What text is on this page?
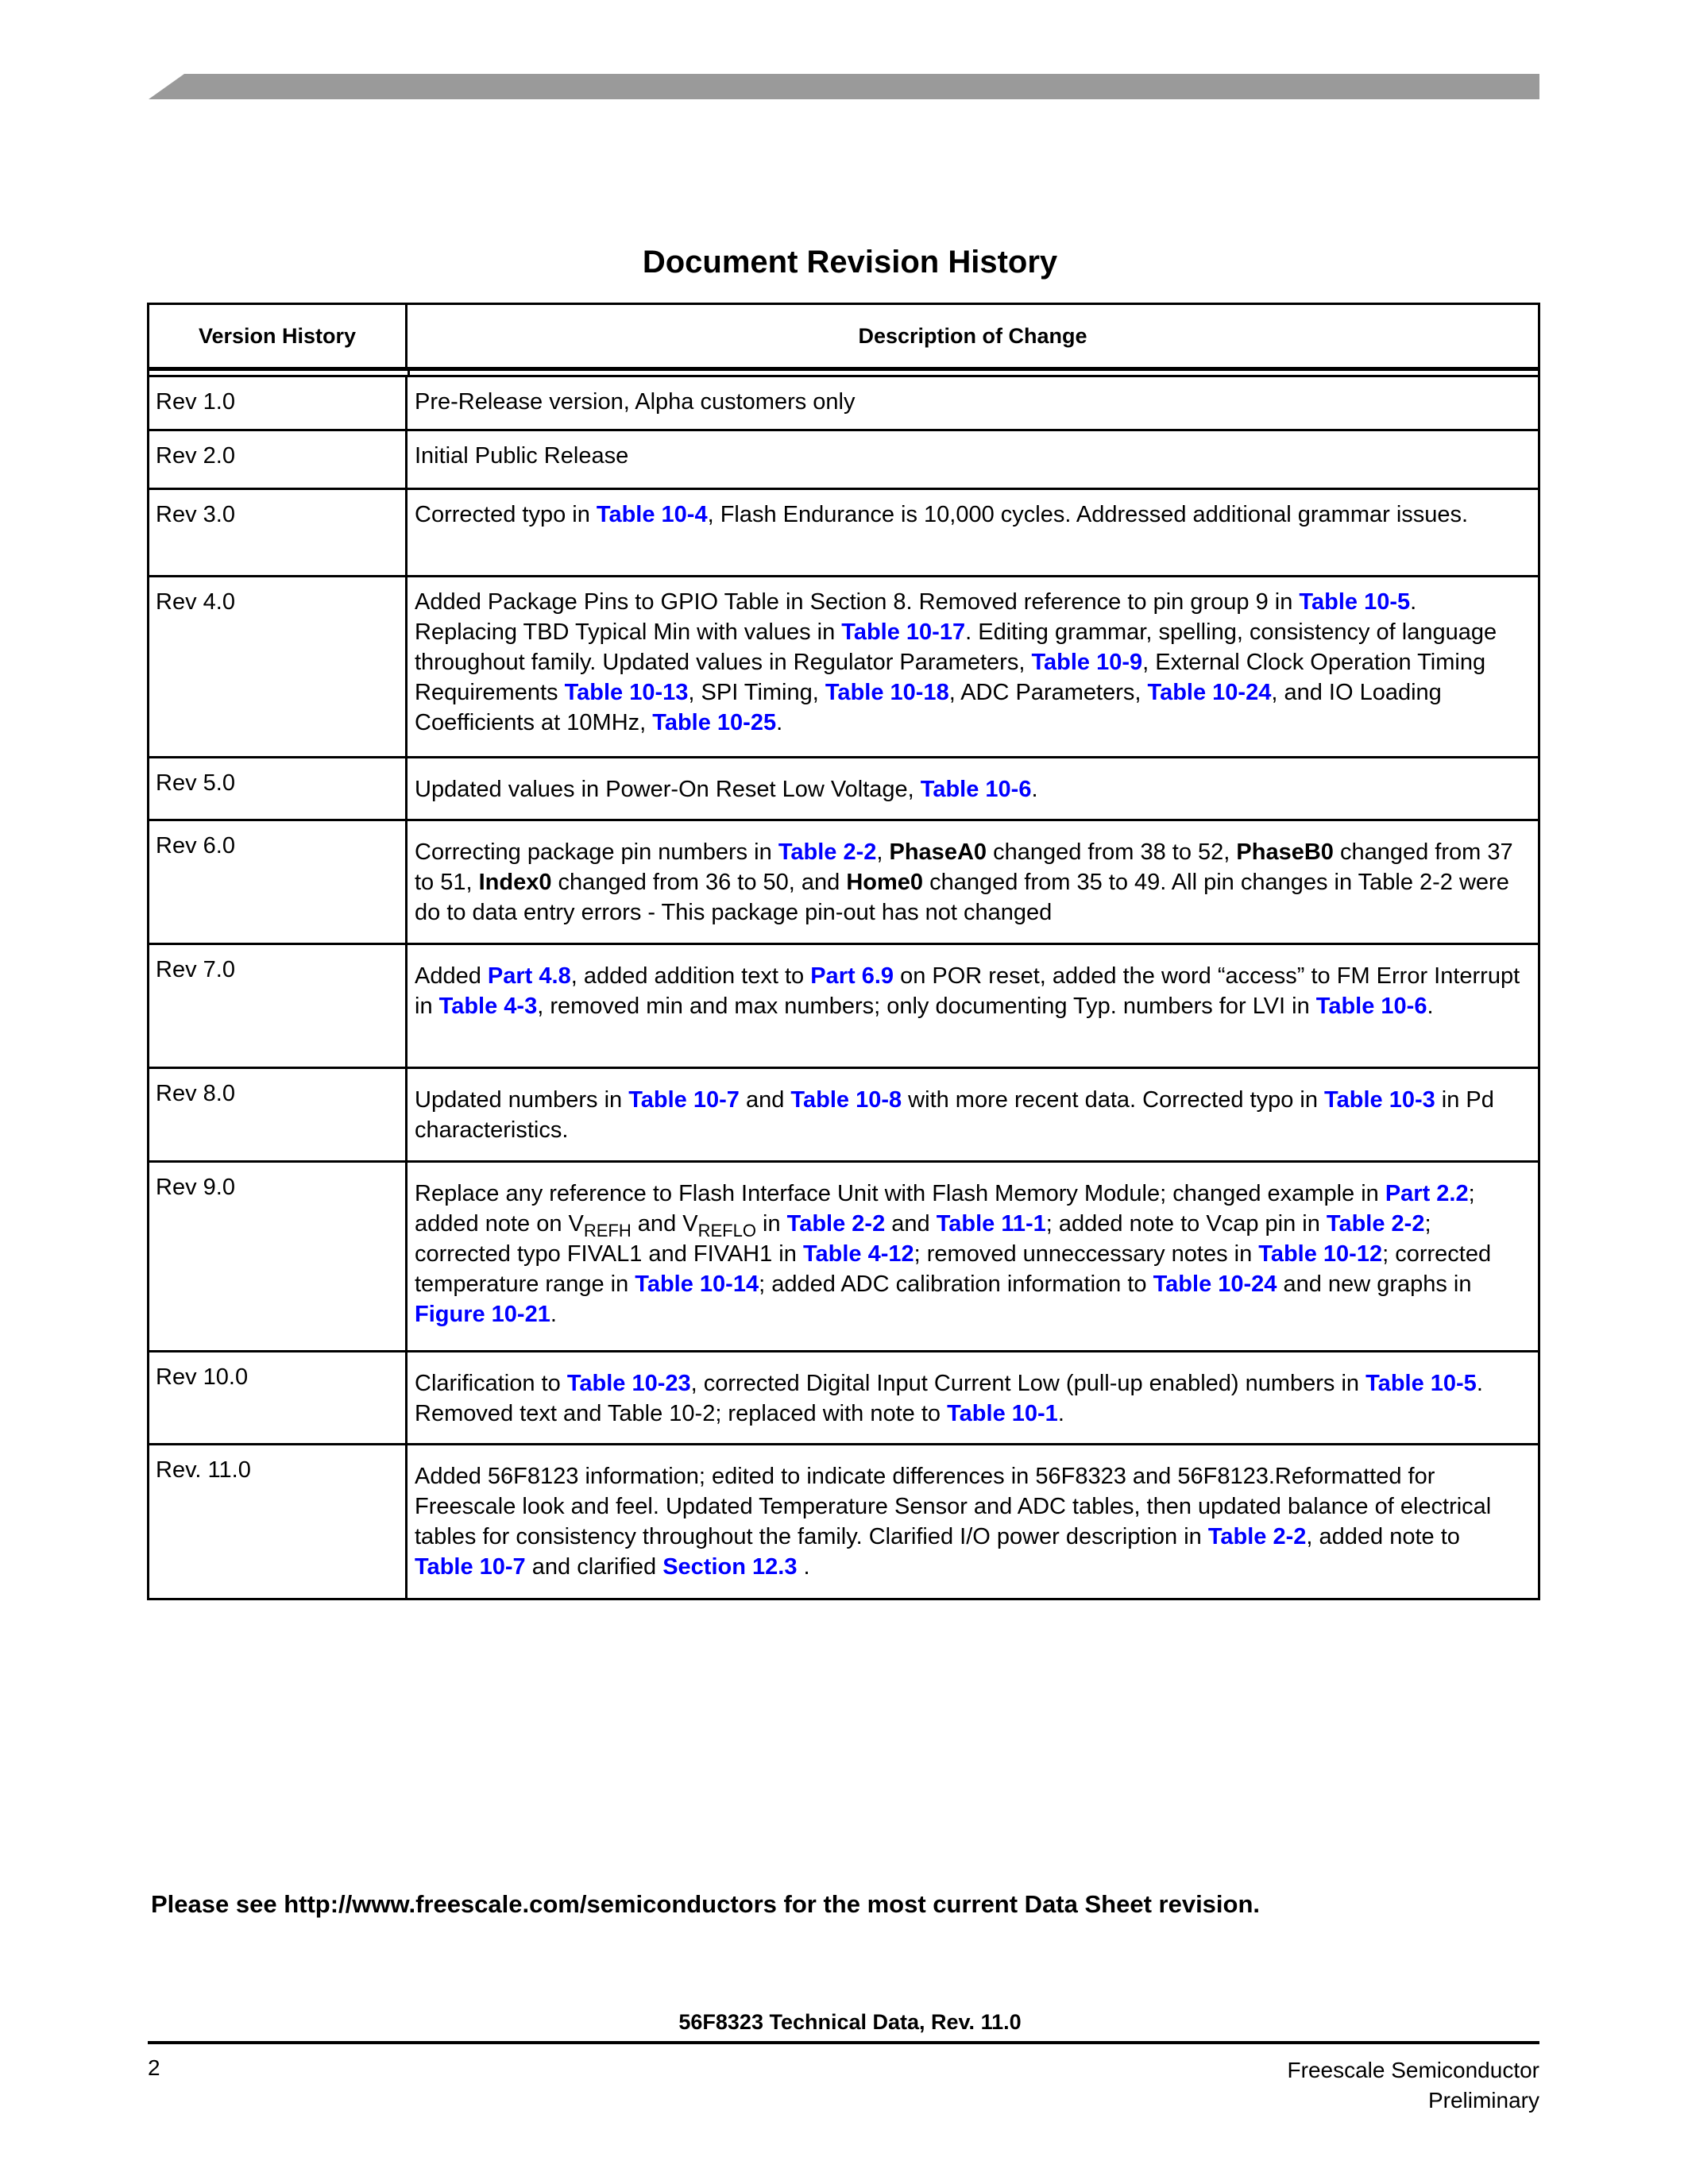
Document Revision History
Version History	Description of Change
Rev 1.0	Pre-Release version, Alpha customers only
Rev 2.0	Initial Public Release
Rev 3.0	Corrected typo in Table 10-4, Flash Endurance is 10,000 cycles. Addressed additional grammar issues.
Rev 4.0	Added Package Pins to GPIO Table in Section 8. Removed reference to pin group 9 in Table 10-5. Replacing TBD Typical Min with values in Table 10-17. Editing grammar, spelling, consistency of language throughout family. Updated values in Regulator Parameters, Table 10-9, External Clock Operation Timing Requirements Table 10-13, SPI Timing, Table 10-18, ADC Parameters, Table 10-24, and IO Loading Coefficients at 10MHz, Table 10-25.
Rev 5.0	Updated values in Power-On Reset Low Voltage, Table 10-6.
Rev 6.0	Correcting package pin numbers in Table 2-2, PhaseA0 changed from 38 to 52, PhaseB0 changed from 37 to 51, Index0 changed from 36 to 50, and Home0 changed from 35 to 49. All pin changes in Table 2-2 were do to data entry errors - This package pin-out has not changed
Rev 7.0	Added Part 4.8, added addition text to Part 6.9 on POR reset, added the word “access” to FM Error Interrupt in Table 4-3, removed min and max numbers; only documenting Typ. numbers for LVI in Table 10-6.
Rev 8.0	Updated numbers in Table 10-7 and Table 10-8 with more recent data. Corrected typo in Table 10-3 in Pd characteristics.
Rev 9.0	Replace any reference to Flash Interface Unit with Flash Memory Module; changed example in Part 2.2; added note on $V_{REFH}$ and $V_{REFLO}$ in Table 2-2 and Table 11-1; added note to Vcap pin in Table 2-2; corrected typo FIVAL1 and FIVAH1 in Table 4-12; removed unneccessary notes in Table 10-12; corrected temperature range in Table 10-14; added ADC calibration information to Table 10-24 and new graphs in Figure 10-21.
Rev 10.0	Clarification to Table 10-23, corrected Digital Input Current Low (pull-up enabled) numbers in Table 10-5. Removed text and Table 10-2; replaced with note to Table 10-1.
Rev. 11.0	Added 56F8123 information; edited to indicate differences in 56F8323 and 56F8123.Reformatted for Freescale look and feel. Updated Temperature Sensor and ADC tables, then updated balance of electrical tables for consistency throughout the family. Clarified I/O power description in Table 2-2, added note to Table 10-7 and clarified Section 12.3 .
Please see http://www.freescale.com/semiconductors for the most current Data Sheet revision.
56F8323 Technical Data, Rev. 11.0
2	Freescale Semiconductor
Preliminary
